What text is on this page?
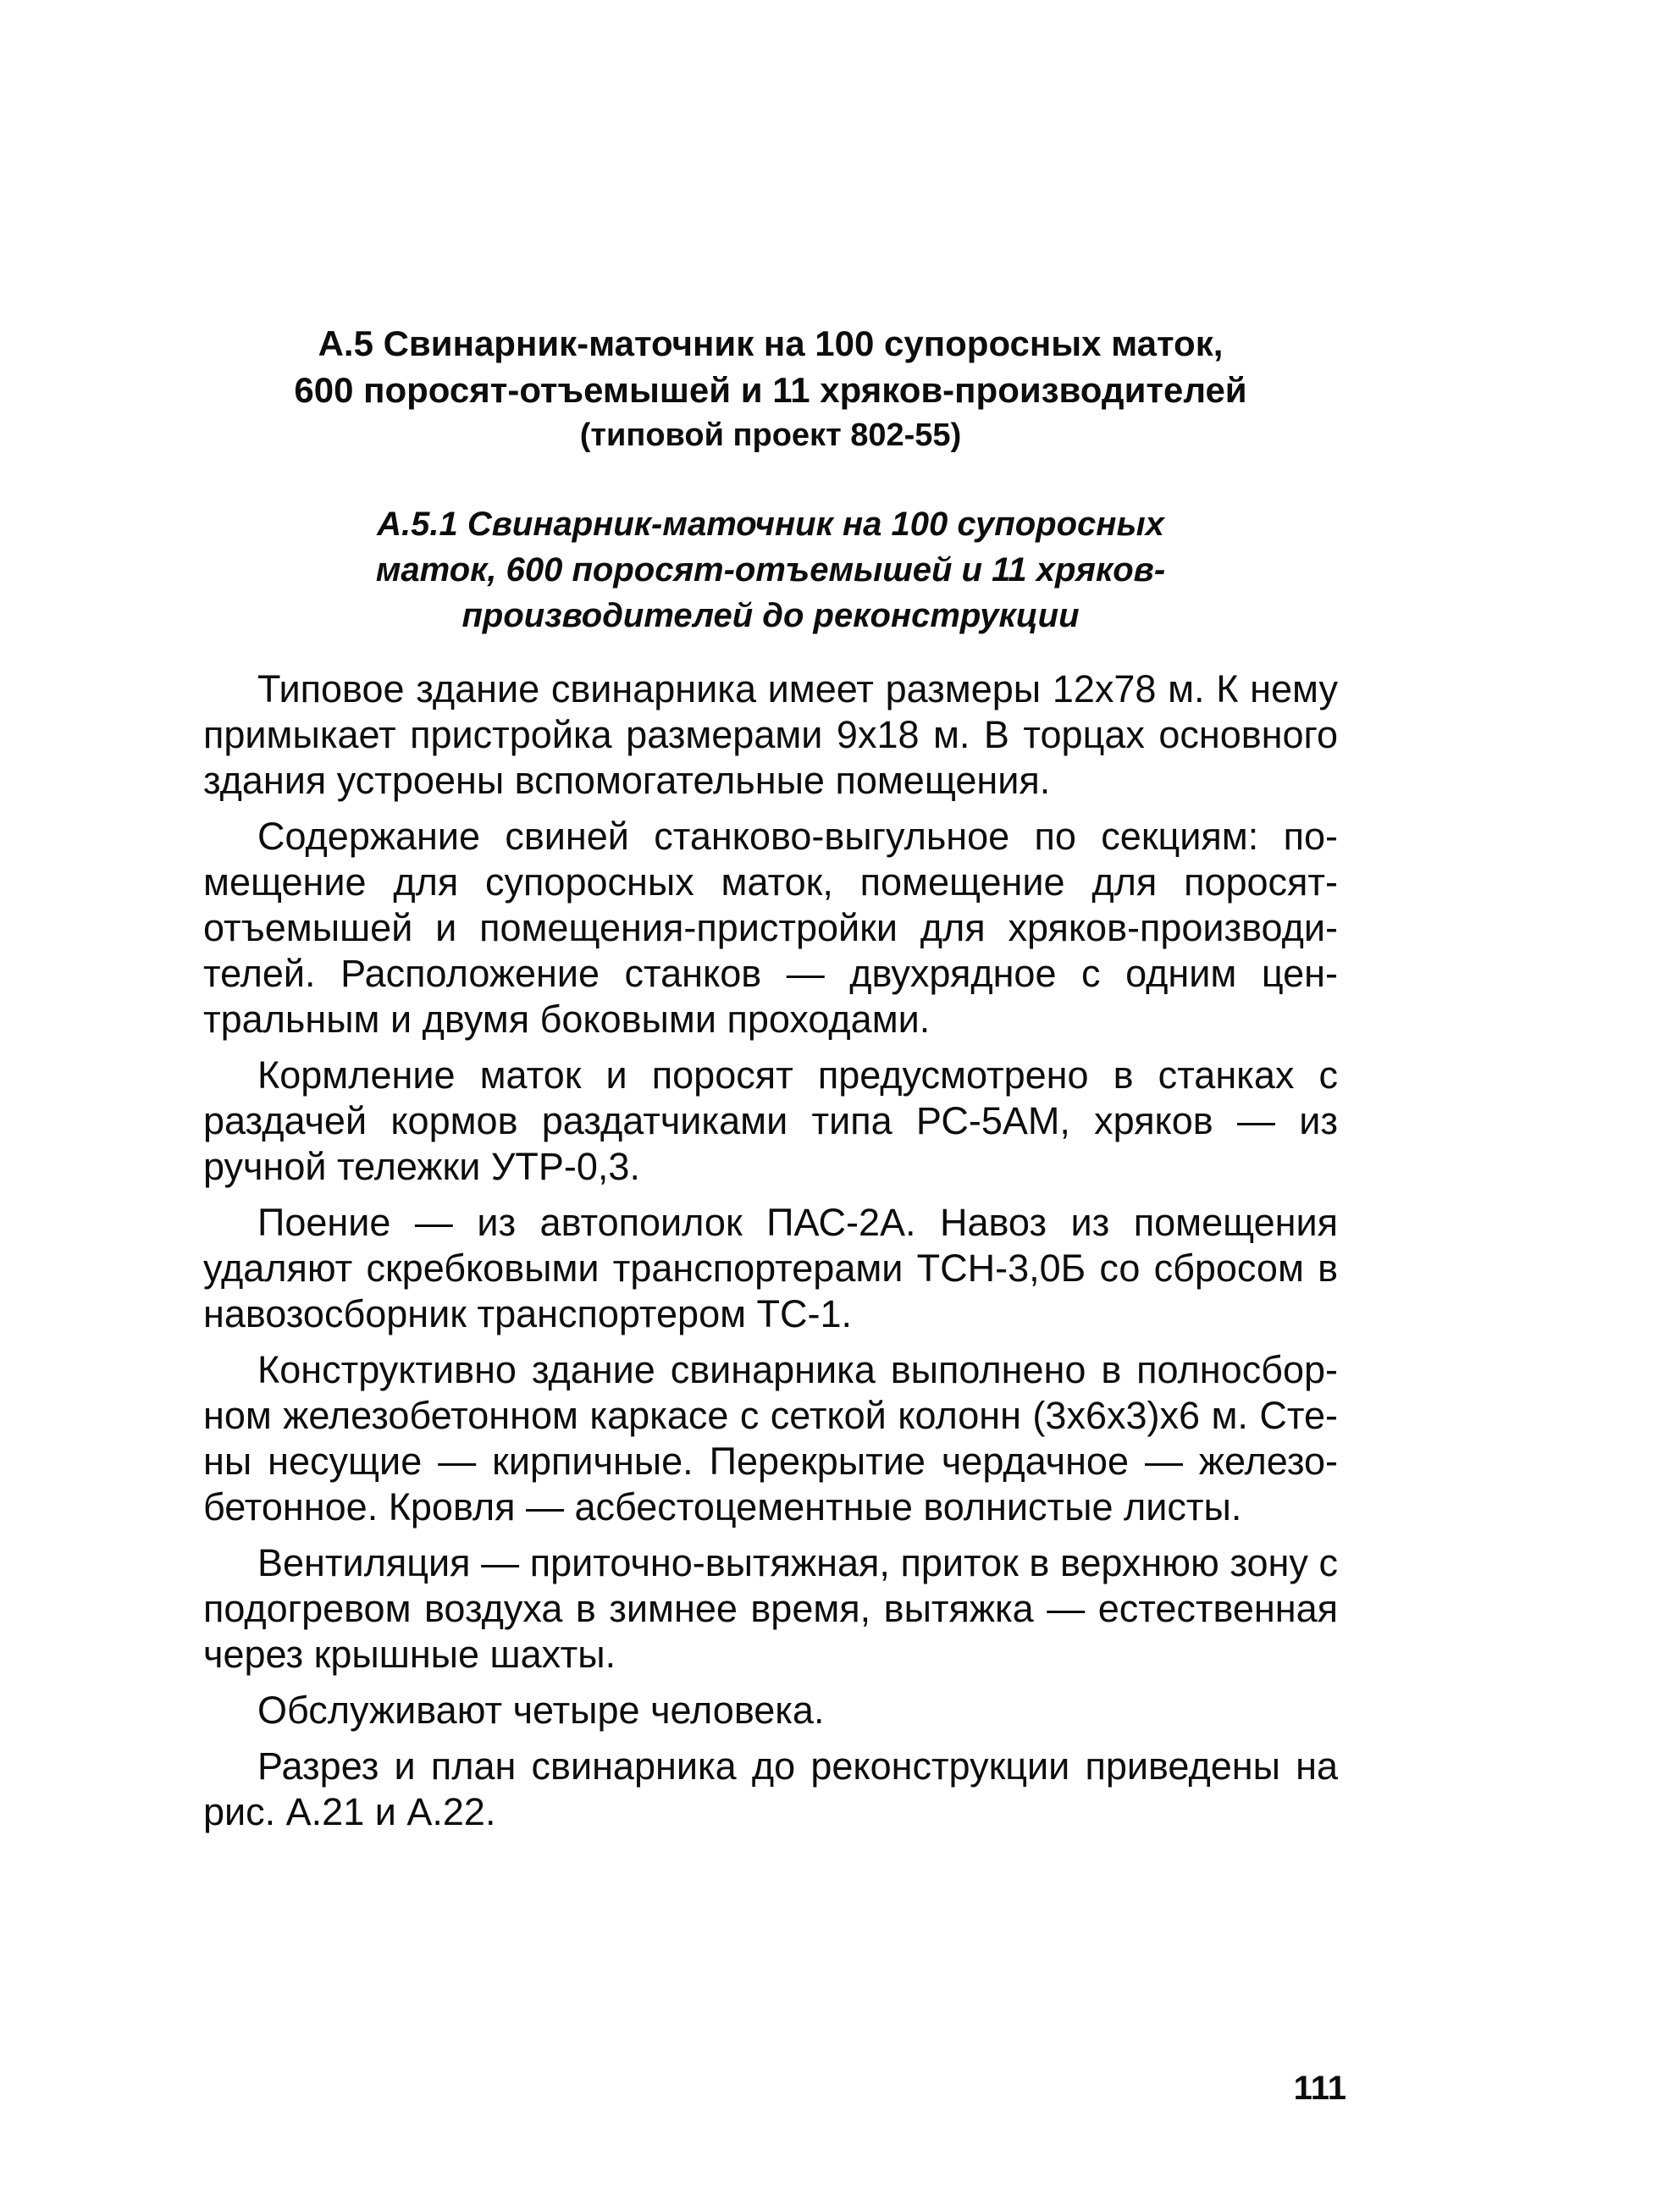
А.5 Свинарник-маточник на 100 супоросных маток,
600 поросят-отъемышей и 11 хряков-производителей
(типовой проект 802-55)
А.5.1 Свинарник-маточник на 100 супоросных
маток, 600 поросят-отъемышей и 11 хряков-
производителей до реконструкции

Типовое здание свинарника имеет размеры 12x78 м. К нему примыкает пристройка размерами 9x18 м. В торцах основного здания устроены вспомогательные помещения.

Содержание свиней станково-выгульное по секциям: помещение для супоросных маток, помещение для поросят-отъемышей и помещения-пристройки для хряков-производителей. Расположение станков — двухрядное с одним центральным и двумя боковыми проходами.

Кормление маток и поросят предусмотрено в станках с раздачей кормов раздатчиками типа РС-5АМ, хряков — из ручной тележки УТР-0,3.

Поение — из автопоилок ПАС-2А. Навоз из помещения удаляют скребковыми транспортерами ТСН-3,0Б со сбросом в навозосборник транспортером ТС-1.

Конструктивно здание свинарника выполнено в полносборном железобетонном каркасе с сеткой колонн (3x6x3)x6 м. Стены несущие — кирпичные. Перекрытие чердачное — железобетонное. Кровля — асбестоцементные волнистые листы.

Вентиляция — приточно-вытяжная, приток в верхнюю зону с подогревом воздуха в зимнее время, вытяжка — естественная через крышные шахты.

Обслуживают четыре человека.

Разрез и план свинарника до реконструкции приведены на рис. А.21 и А.22.

111
